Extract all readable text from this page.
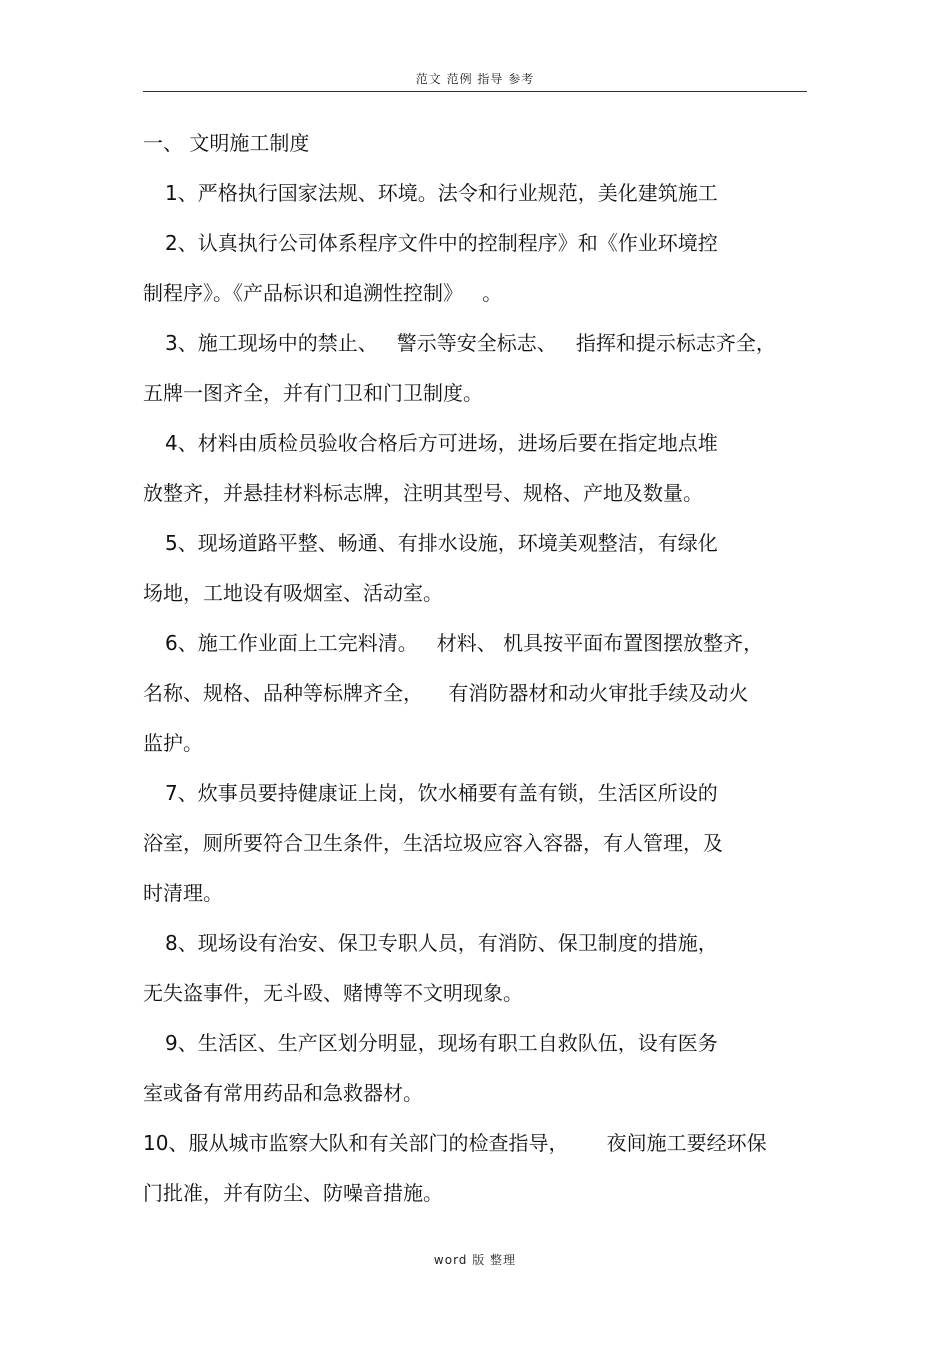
范文 范例 指导 参考
一、 文明施工制度
1、严格执行国家法规、环境。法令和行业规范，美化建筑施工
2、认真执行公司体系程序文件中的控制程序》和《作业环境控
制程序》。《产品标识和追溯性控制》   。
3、施工现场中的禁止、   警示等安全标志、   指挥和提示标志齐全，
五牌一图齐全，并有门卫和门卫制度。
4、材料由质检员验收合格后方可进场，进场后要在指定地点堆
放整齐，并悬挂材料标志牌，注明其型号、规格、产地及数量。
5、现场道路平整、畅通、有排水设施，环境美观整洁，有绿化
场地，工地设有吸烟室、活动室。
6、施工作业面上工完料清。   材料、 机具按平面布置图摆放整齐，
名称、规格、品种等标牌齐全，    有消防器材和动火审批手续及动火
监护。
7、炊事员要持健康证上岗，饮水桶要有盖有锁，生活区所设的
浴室，厕所要符合卫生条件，生活垃圾应容入容器，有人管理，及
时清理。
8、现场设有治安、保卫专职人员，有消防、保卫制度的措施，
无失盗事件，无斗殴、赌博等不文明现象。
9、生活区、生产区划分明显，现场有职工自救队伍，设有医务
室或备有常用药品和急救器材。
10、服从城市监察大队和有关部门的检查指导，      夜间施工要经环保
门批准，并有防尘、防噪音措施。
word 版 整理
